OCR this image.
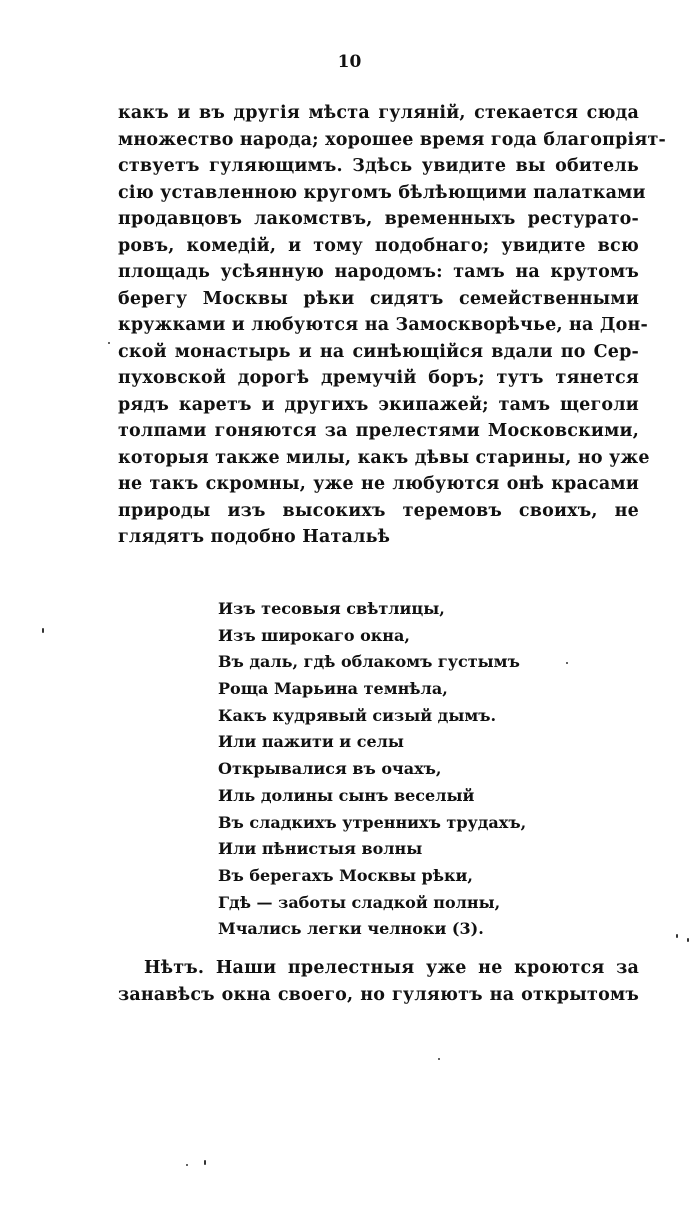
10
какъ и въ другія мѣста гуляній, стекается сюда
множество народа; хорошее время года благопріят-
ствуетъ гуляющимъ. Здѣсь увидите вы обитель
сію уставленною кругомъ бѣлѣющими палатками
продавцовъ лакомствъ, временныхъ рестурато-
ровъ, комедій, и тому подобнаго; увидите всю
площадь усѣянную народомъ: тамъ на крутомъ
берегу Москвы рѣки сидятъ семейственными
кружками и любуются на Замоскворѣчье, на Дон-
ской монастырь и на синѣющійся вдали по Сер-
пуховской дорогѣ дремучій боръ; тутъ тянется
рядъ каретъ и другихъ экипажей; тамъ щеголи
толпами гоняются за прелестями Московскими,
которыя также милы, какъ дѣвы старины, но уже
не такъ скромны, уже не любуются онѣ красами
природы изъ высокихъ теремовъ своихъ, не
глядятъ подобно Натальѣ
Изъ тесовыя свѣтлицы,
Изъ широкаго окна,
Въ даль, гдѣ облакомъ густымъ
Роща Марьина темнѣла,
Какъ кудрявый сизый дымъ.
Или пажити и селы
Открывалися въ очахъ,
Иль долины сынъ веселый
Въ сладкихъ утреннихъ трудахъ,
Или пѣнистыя волны
Въ берегахъ Москвы рѣки,
Гдѣ — заботы сладкой полны,
Мчались легки челноки (3).
Нѣтъ. Наши прелестныя уже не кроются за
занавѣсъ окна своего, но гуляютъ на открытомъ
